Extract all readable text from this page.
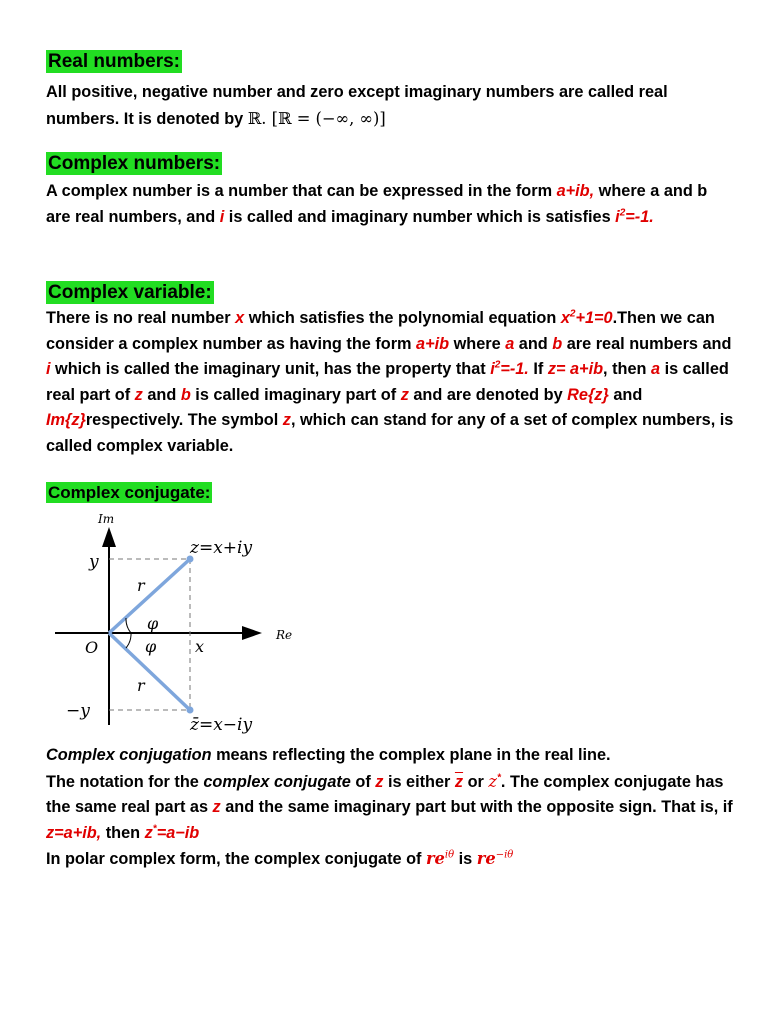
Real numbers:
All positive, negative number and zero except imaginary numbers are called real numbers. It is denoted by ℝ. [ℝ = (−∞, ∞)]
Complex numbers:
A complex number is a number that can be expressed in the form a+ib, where a and b are real numbers, and i is called and imaginary number which is satisfies $i^2=-1$.
Complex variable:
There is no real number x which satisfies the polynomial equation $x^2+1=0.Then$ we can consider a complex number as having the form a+ib where a and b are real numbers and i which is called the imaginary unit, has the property that $i^2=-1$. If z= a+ib, then a is called real part of z and b is called imaginary part of z and are denoted by Re{z} and Im{z}respectively. The symbol z, which can stand for any of a set of complex numbers, is called complex variable.
Complex conjugate:
Im
Re
y
−y
O	x
r
r
φ
φ
z=x+iy
z̄=x−iy
Complex conjugation means reflecting the complex plane in the real line.
The notation for the complex conjugate of z is either $\overline{z}$ or z*. The complex conjugate has the same real part as z and the same imaginary part but with the opposite sign. That is, if z=a+ib, then z*=a−ib
In polar complex form, the complex conjugate of $re^{i\theta}$ is $re^{-i\theta}$
